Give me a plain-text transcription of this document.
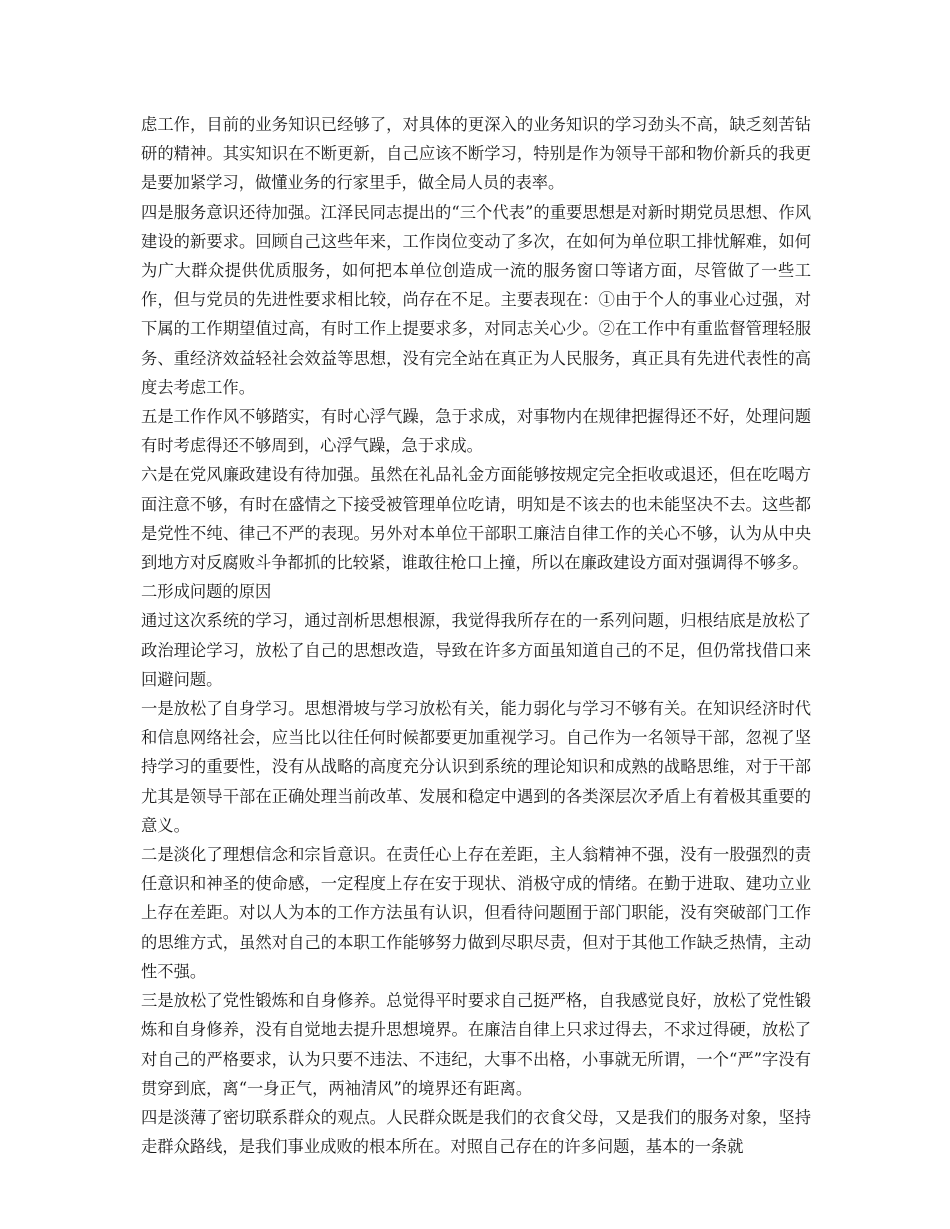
虑工作，目前的业务知识已经够了，对具体的更深入的业务知识的学习劲头不高，缺乏刻苦钻研的精神。其实知识在不断更新，自己应该不断学习，特别是作为领导干部和物价新兵的我更是要加紧学习，做懂业务的行家里手，做全局人员的表率。

四是服务意识还待加强。江泽民同志提出的“三个代表”的重要思想是对新时期党员思想、作风建设的新要求。回顾自己这些年来，工作岗位变动了多次，在如何为单位职工排忧解难，如何为广大群众提供优质服务，如何把本单位创造成一流的服务窗口等诸方面，尽管做了一些工作，但与党员的先进性要求相比较，尚存在不足。主要表现在：①由于个人的事业心过强，对下属的工作期望值过高，有时工作上提要求多，对同志关心少。②在工作中有重监督管理轻服务、重经济效益轻社会效益等思想，没有完全站在真正为人民服务，真正具有先进代表性的高度去考虑工作。

五是工作作风不够踏实，有时心浮气躁，急于求成，对事物内在规律把握得还不好，处理问题有时考虑得还不够周到，心浮气躁，急于求成。

六是在党风廉政建设有待加强。虽然在礼品礼金方面能够按规定完全拒收或退还，但在吃喝方面注意不够，有时在盛情之下接受被管理单位吃请，明知是不该去的也未能坚决不去。这些都是党性不纯、律己不严的表现。另外对本单位干部职工廉洁自律工作的关心不够，认为从中央到地方对反腐败斗争都抓的比较紧，谁敢往枪口上撞，所以在廉政建设方面对强调得不够多。

二形成问题的原因

通过这次系统的学习，通过剖析思想根源，我觉得我所存在的一系列问题，归根结底是放松了政治理论学习，放松了自己的思想改造，导致在许多方面虽知道自己的不足，但仍常找借口来回避问题。

一是放松了自身学习。思想滑坡与学习放松有关，能力弱化与学习不够有关。在知识经济时代和信息网络社会，应当比以往任何时候都要更加重视学习。自己作为一名领导干部，忽视了坚持学习的重要性，没有从战略的高度充分认识到系统的理论知识和成熟的战略思维，对于干部尤其是领导干部在正确处理当前改革、发展和稳定中遇到的各类深层次矛盾上有着极其重要的意义。

二是淡化了理想信念和宗旨意识。在责任心上存在差距，主人翁精神不强，没有一股强烈的责任意识和神圣的使命感，一定程度上存在安于现状、消极守成的情绪。在勤于进取、建功立业上存在差距。对以人为本的工作方法虽有认识，但看待问题囿于部门职能，没有突破部门工作的思维方式，虽然对自己的本职工作能够努力做到尽职尽责，但对于其他工作缺乏热情，主动性不强。

三是放松了党性锻炼和自身修养。总觉得平时要求自己挺严格，自我感觉良好，放松了党性锻炼和自身修养，没有自觉地去提升思想境界。在廉洁自律上只求过得去，不求过得硬，放松了对自己的严格要求，认为只要不违法、不违纪，大事不出格，小事就无所谓，一个“严”字没有贯穿到底，离“一身正气，两袖清风”的境界还有距离。

四是淡薄了密切联系群众的观点。人民群众既是我们的衣食父母，又是我们的服务对象，坚持走群众路线，是我们事业成败的根本所在。对照自己存在的许多问题，基本的一条就
